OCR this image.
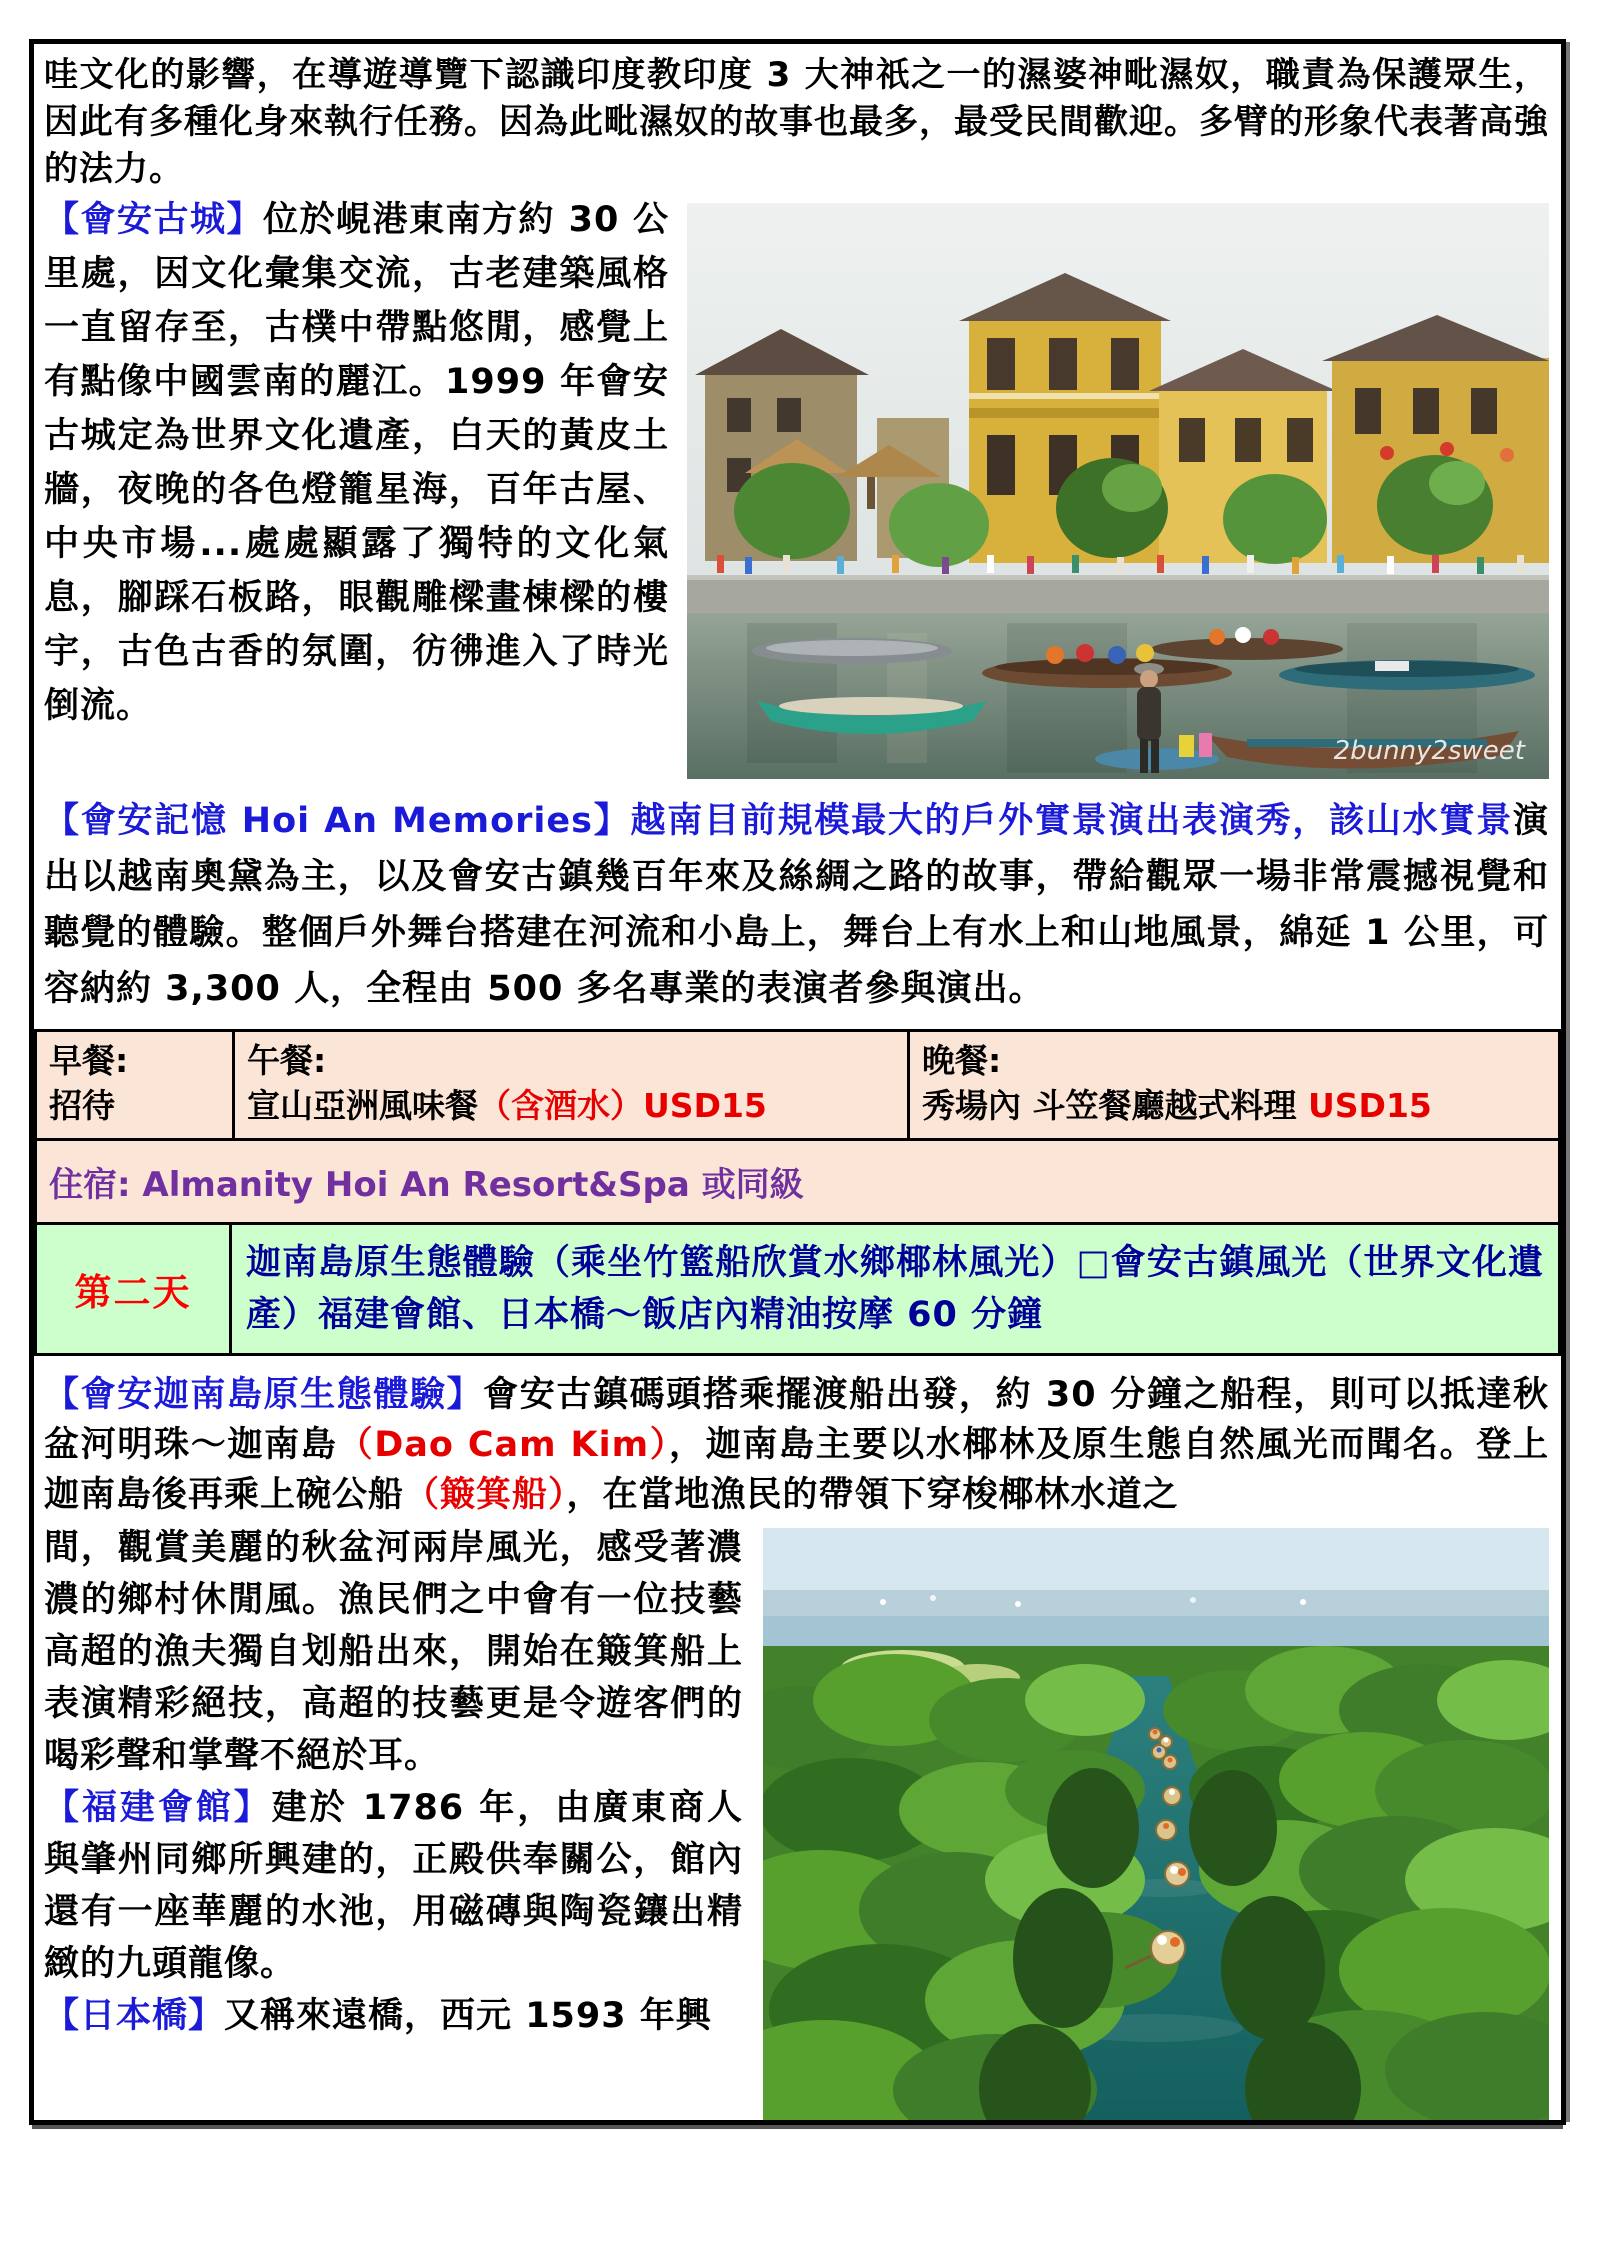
哇文化的影響，在導遊導覽下認識印度教印度 3 大神祇之一的濕婆神毗濕奴，職責為保護眾生，因此有多種化身來執行任務。因為此毗濕奴的故事也最多，最受民間歡迎。多臂的形象代表著高強的法力。
2bunny2sweet
【會安古城】位於峴港東南方約 30 公里處，因文化彙集交流，古老建築風格一直留存至，古樸中帶點悠閒，感覺上有點像中國雲南的麗江。1999 年會安古城定為世界文化遺產，白天的黃皮土牆，夜晚的各色燈籠星海，百年古屋、中央市場...處處顯露了獨特的文化氣息，腳踩石板路，眼觀雕樑畫棟樑的樓宇，古色古香的氛圍，彷彿進入了時光倒流。
【會安記憶 Hoi An Memories】越南目前規模最大的戶外實景演出表演秀，該山水實景演出以越南奧黛為主，以及會安古鎮幾百年來及絲綢之路的故事，帶給觀眾一場非常震撼視覺和聽覺的體驗。整個戶外舞台搭建在河流和小島上，舞台上有水上和山地風景，綿延 1 公里，可容納約 3,300 人，全程由 500 多名專業的表演者參與演出。
早餐:
招待
午餐:
宣山亞洲風味餐（含酒水）USD15
晚餐:
秀場內 斗笠餐廳越式料理 USD15
住宿: Almanity Hoi An Resort&Spa 或同級
第二天
迦南島原生態體驗（乘坐竹籃船欣賞水鄉椰林風光）□會安古鎮風光（世界文化遺產）福建會館、日本橋～飯店內精油按摩 60 分鐘
【會安迦南島原生態體驗】會安古鎮碼頭搭乘擺渡船出發，約 30 分鐘之船程，則可以抵達秋盆河明珠～迦南島（Dao Cam Kim），迦南島主要以水椰林及原生態自然風光而聞名。登上迦南島後再乘上碗公船（簸箕船），在當地漁民的帶領下穿梭椰林水道之
間，觀賞美麗的秋盆河兩岸風光，感受著濃濃的鄉村休閒風。漁民們之中會有一位技藝高超的漁夫獨自划船出來，開始在簸箕船上表演精彩絕技，高超的技藝更是令遊客們的喝彩聲和掌聲不絕於耳。
【福建會館】建於 1786 年，由廣東商人與肇州同鄉所興建的，正殿供奉關公，館內還有一座華麗的水池，用磁磚與陶瓷鑲出精緻的九頭龍像。
【日本橋】又稱來遠橋，西元 1593 年興
